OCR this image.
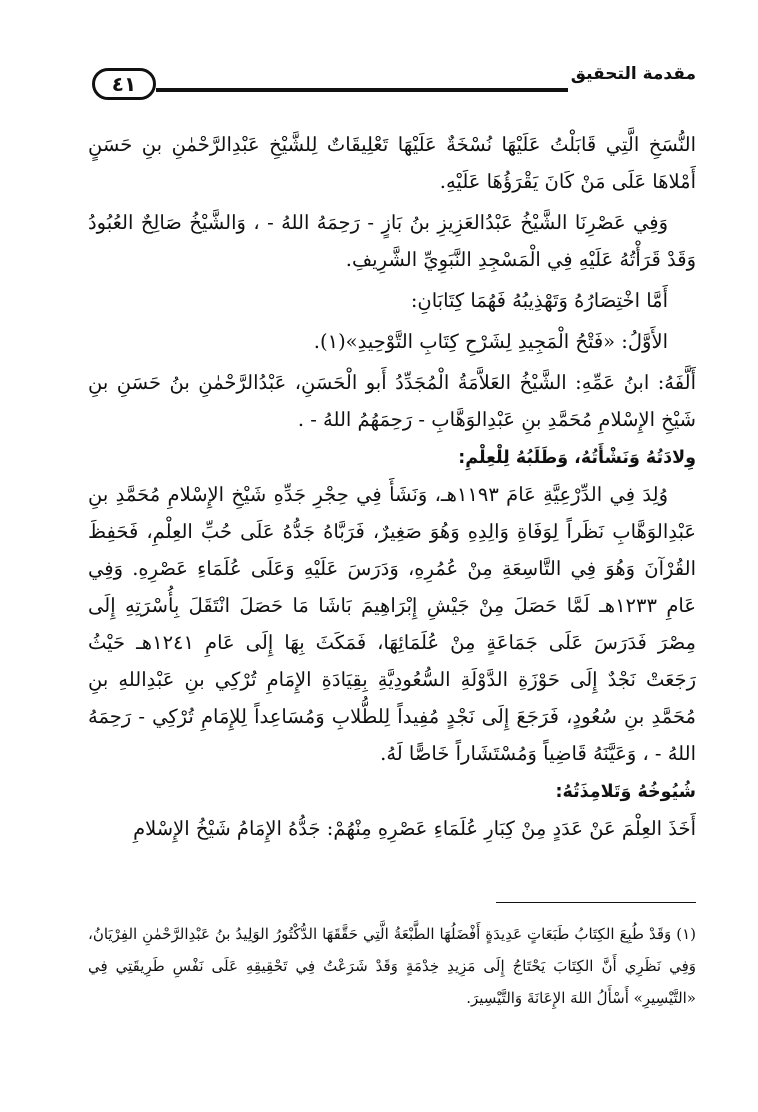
مقدمة التحقيق
٤١

النُّسَخِ الَّتِي قَابَلْتُ عَلَيْهَا نُسْخَةٌ عَلَيْهَا تَعْلِيقَاتٌ لِلشَّيْخِ عَبْدِالرَّحْمٰنِ بنِ حَسَنٍ أَمْلاهَا عَلَى مَنْ كَانَ يَقْرَؤُهَا عَلَيْهِ.

وَفِي عَصْرِنَا الشَّيْخُ عَبْدُالعَزِيزِ بنُ بَازٍ - رَحِمَهُ اللهُ - ، وَالشَّيْخُ صَالِحٌ العُبُودُ وَقَدْ قَرَأْتُهُ عَلَيْهِ فِي الْمَسْجِدِ النَّبَوِيِّ الشَّرِيفِ.

أَمَّا اخْتِصَارُهُ وَتَهْذِيبُهُ فَهُمَا كِتَابَانِ:

الأَوَّلُ: «فَتْحُ الْمَجِيدِ لِشَرْحِ كِتَابِ التَّوْحِيدِ»(١).

أَلَّفَهُ: ابنُ عَمِّهِ: الشَّيْخُ العَلاَّمَةُ الْمُجَدِّدُ أَبو الْحَسَنِ، عَبْدُالرَّحْمٰنِ بنُ حَسَنِ بنِ شَيْخِ الإِسْلامِ مُحَمَّدِ بنِ عَبْدِالوَهَّابِ - رَحِمَهُمُ اللهُ - .

وِلادَتُهُ وَنَشْأَتُهُ، وَطَلَبُهُ لِلْعِلْمِ:

وُلِدَ فِي الدِّرْعِيَّةِ عَامَ ١١٩٣هـ، وَنَشَأَ فِي حِجْرِ جَدِّهِ شَيْخِ الإِسْلامِ مُحَمَّدِ بنِ عَبْدِالوَهَّابِ نَظَراً لِوَفَاةِ وَالِدِهِ وَهُوَ صَغِيرٌ، فَرَبَّاهُ جَدُّهُ عَلَى حُبِّ العِلْمِ، فَحَفِظَ القُرْآنَ وَهُوَ فِي التَّاسِعَةِ مِنْ عُمُرِهِ، وَدَرَسَ عَلَيْهِ وَعَلَى عُلَمَاءِ عَصْرِهِ. وَفِي عَامِ ١٢٣٣هـ لَمَّا حَصَلَ مِنْ جَيْشِ إِبْرَاهِيمَ بَاشَا مَا حَصَلَ انْتَقَلَ بِأُسْرَتِهِ إِلَى مِصْرَ فَدَرَسَ عَلَى جَمَاعَةٍ مِنْ عُلَمَائِهَا، فَمَكَثَ بِهَا إِلَى عَامِ ١٢٤١هـ حَيْثُ رَجَعَتْ نَجْدٌ إِلَى حَوْزَةِ الدَّوْلَةِ السُّعُودِيَّةِ بِقِيَادَةِ الإِمَامِ تُرْكِي بنِ عَبْدِاللهِ بنِ مُحَمَّدِ بنِ سُعُودٍ، فَرَجَعَ إِلَى نَجْدٍ مُفِيداً لِلطُّلابِ وَمُسَاعِداً لِلإِمَامِ تُرْكِي - رَحِمَهُ اللهُ - ، وَعَيَّنَهُ قَاضِياً وَمُسْتَشَاراً خَاصًّا لَهُ.

شُيُوخُهُ وَتَلامِذَتُهُ:

أَخَذَ العِلْمَ عَنْ عَدَدٍ مِنْ كِبَارِ عُلَمَاءِ عَصْرِهِ مِنْهُمْ: جَدُّهُ الإِمَامُ شَيْخُ الإِسْلامِ

(١) وَقَدْ طُبِعَ الكِتَابُ طَبَعَاتٍ عَدِيدَةٍ أَفْضَلُهَا الطَّبْعَةُ الَّتِي حَقَّقَهَا الدُّكْتُورُ الوَلِيدُ بنُ عَبْدِالرَّحْمٰنِ الفِرْيَانُ، وَفِي نَظَرِي أَنَّ الكِتَابَ يَحْتَاجُ إِلَى مَزِيدِ خِدْمَةٍ وَقَدْ شَرَعْتُ فِي تَحْقِيقِهِ عَلَى نَفْسِ طَرِيقَتِي فِي «التَّيْسِيرِ» أَسْأَلُ اللهَ الإِعَانَةَ وَالتَّيْسِيرَ.
